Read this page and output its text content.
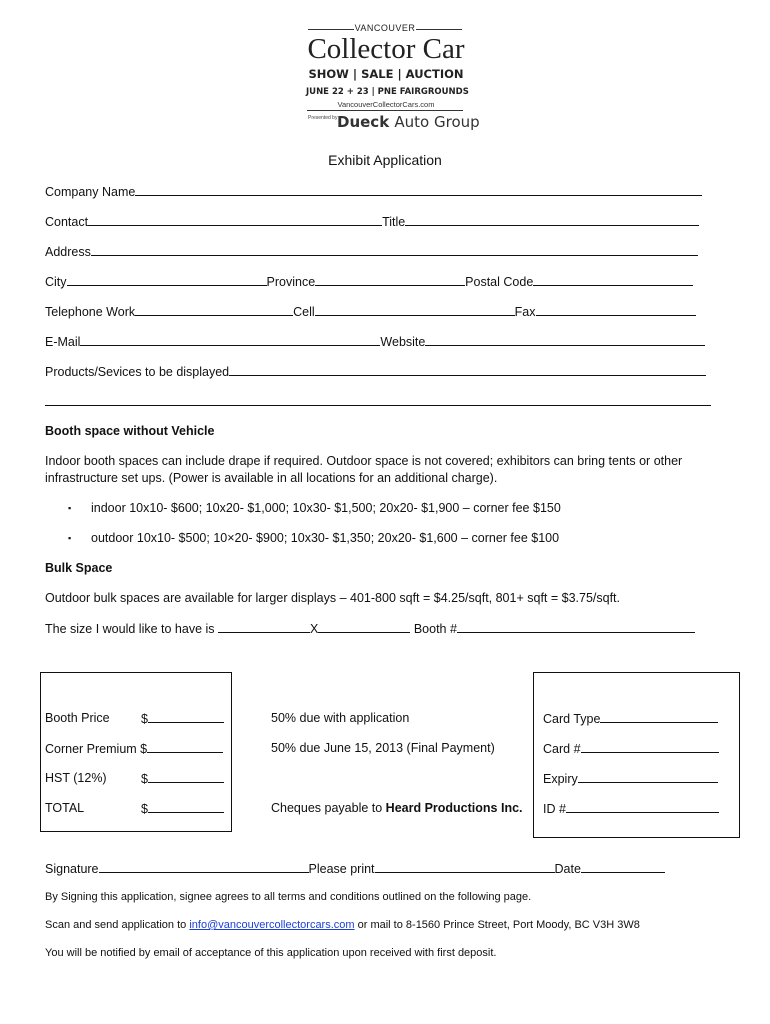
VANCOUVER
Collector Car
SHOW | SALE | AUCTION
JUNE 22 + 23 | PNE FAIRGROUNDS
VancouverCollectorCars.com
Presented by Dueck Auto Group
Exhibit Application
Company Name
Contact	Title
Address
City	Province	Postal Code
Telephone Work	Cell	Fax
E-Mail	Website
Products/Sevices to be displayed
Booth space without Vehicle
Indoor booth spaces can include drape if required. Outdoor space is not covered; exhibitors can bring tents or other
infrastructure set ups. (Power is available in all locations for an additional charge).
▪ indoor 10x10- $600; 10x20- $1,000; 10x30- $1,500; 20x20- $1,900 – corner fee $150
▪ outdoor 10x10- $500; 10×20- $900; 10x30- $1,350; 20x20- $1,600 – corner fee $100
Bulk Space
Outdoor bulk spaces are available for larger displays – 401-800 sqft = $4.25/sqft, 801+ sqft = $3.75/sqft.
The size I would like to have is	X	Booth #
Booth Price	$
Corner Premium $
HST (12%)	$
TOTAL	$
50% due with application
50% due June 15, 2013 (Final Payment)
Cheques payable to Heard Productions Inc.
Card Type
Card #
Expiry
ID #
Signature	Please print	Date
By Signing this application, signee agrees to all terms and conditions outlined on the following page.
Scan and send application to info@vancouvercollectorcars.com or mail to 8-1560 Prince Street, Port Moody, BC V3H 3W8
You will be notified by email of acceptance of this application upon received with first deposit.
